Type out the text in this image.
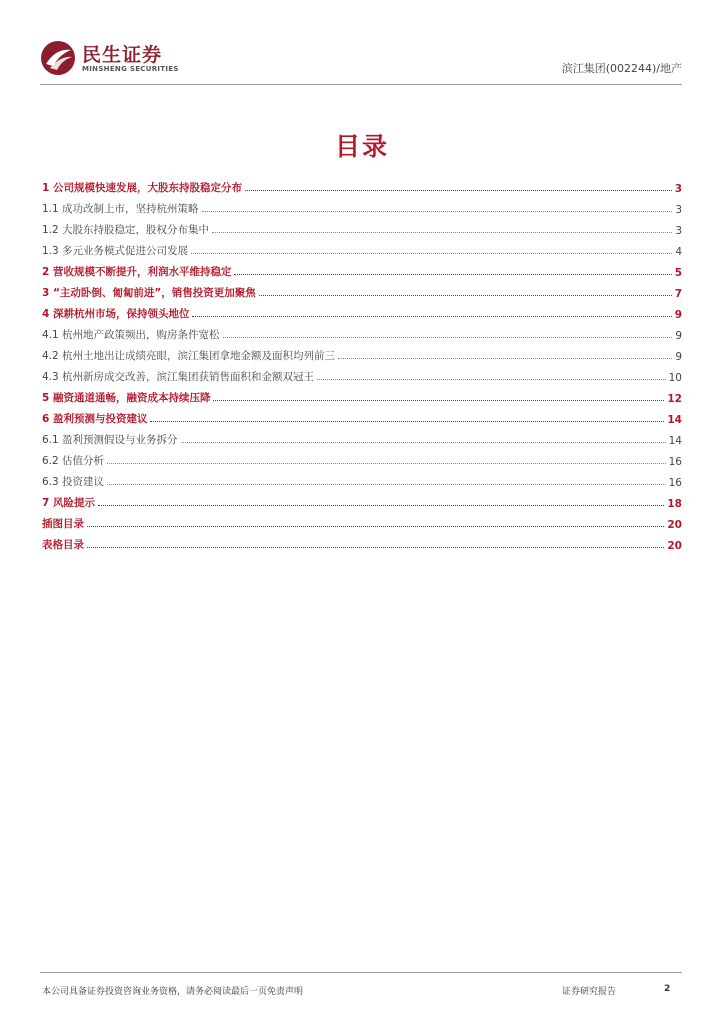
民生证券
MINSHENG SECURITIES	滨江集团(002244)/地产
目录
1 公司规模快速发展，大股东持股稳定分布	3
1.1 成功改制上市，坚持杭州策略	3
1.2 大股东持股稳定，股权分布集中	3
1.3 多元业务模式促进公司发展	4
2 营收规模不断提升，利润水平维持稳定	5
3 “主动卧倒、匍匐前进”，销售投资更加聚焦	7
4 深耕杭州市场，保持领头地位	9
4.1 杭州地产政策频出，购房条件宽松	9
4.2 杭州土地出让成绩亮眼，滨江集团拿地金额及面积均列前三	9
4.3 杭州新房成交改善，滨江集团获销售面积和金额双冠王	10
5 融资通道通畅，融资成本持续压降	12
6 盈利预测与投资建议	14
6.1 盈利预测假设与业务拆分	14
6.2 估值分析	16
6.3 投资建议	16
7 风险提示	18
插图目录	20
表格目录	20
本公司具备证券投资咨询业务资格，请务必阅读最后一页免责声明	证券研究报告	2
